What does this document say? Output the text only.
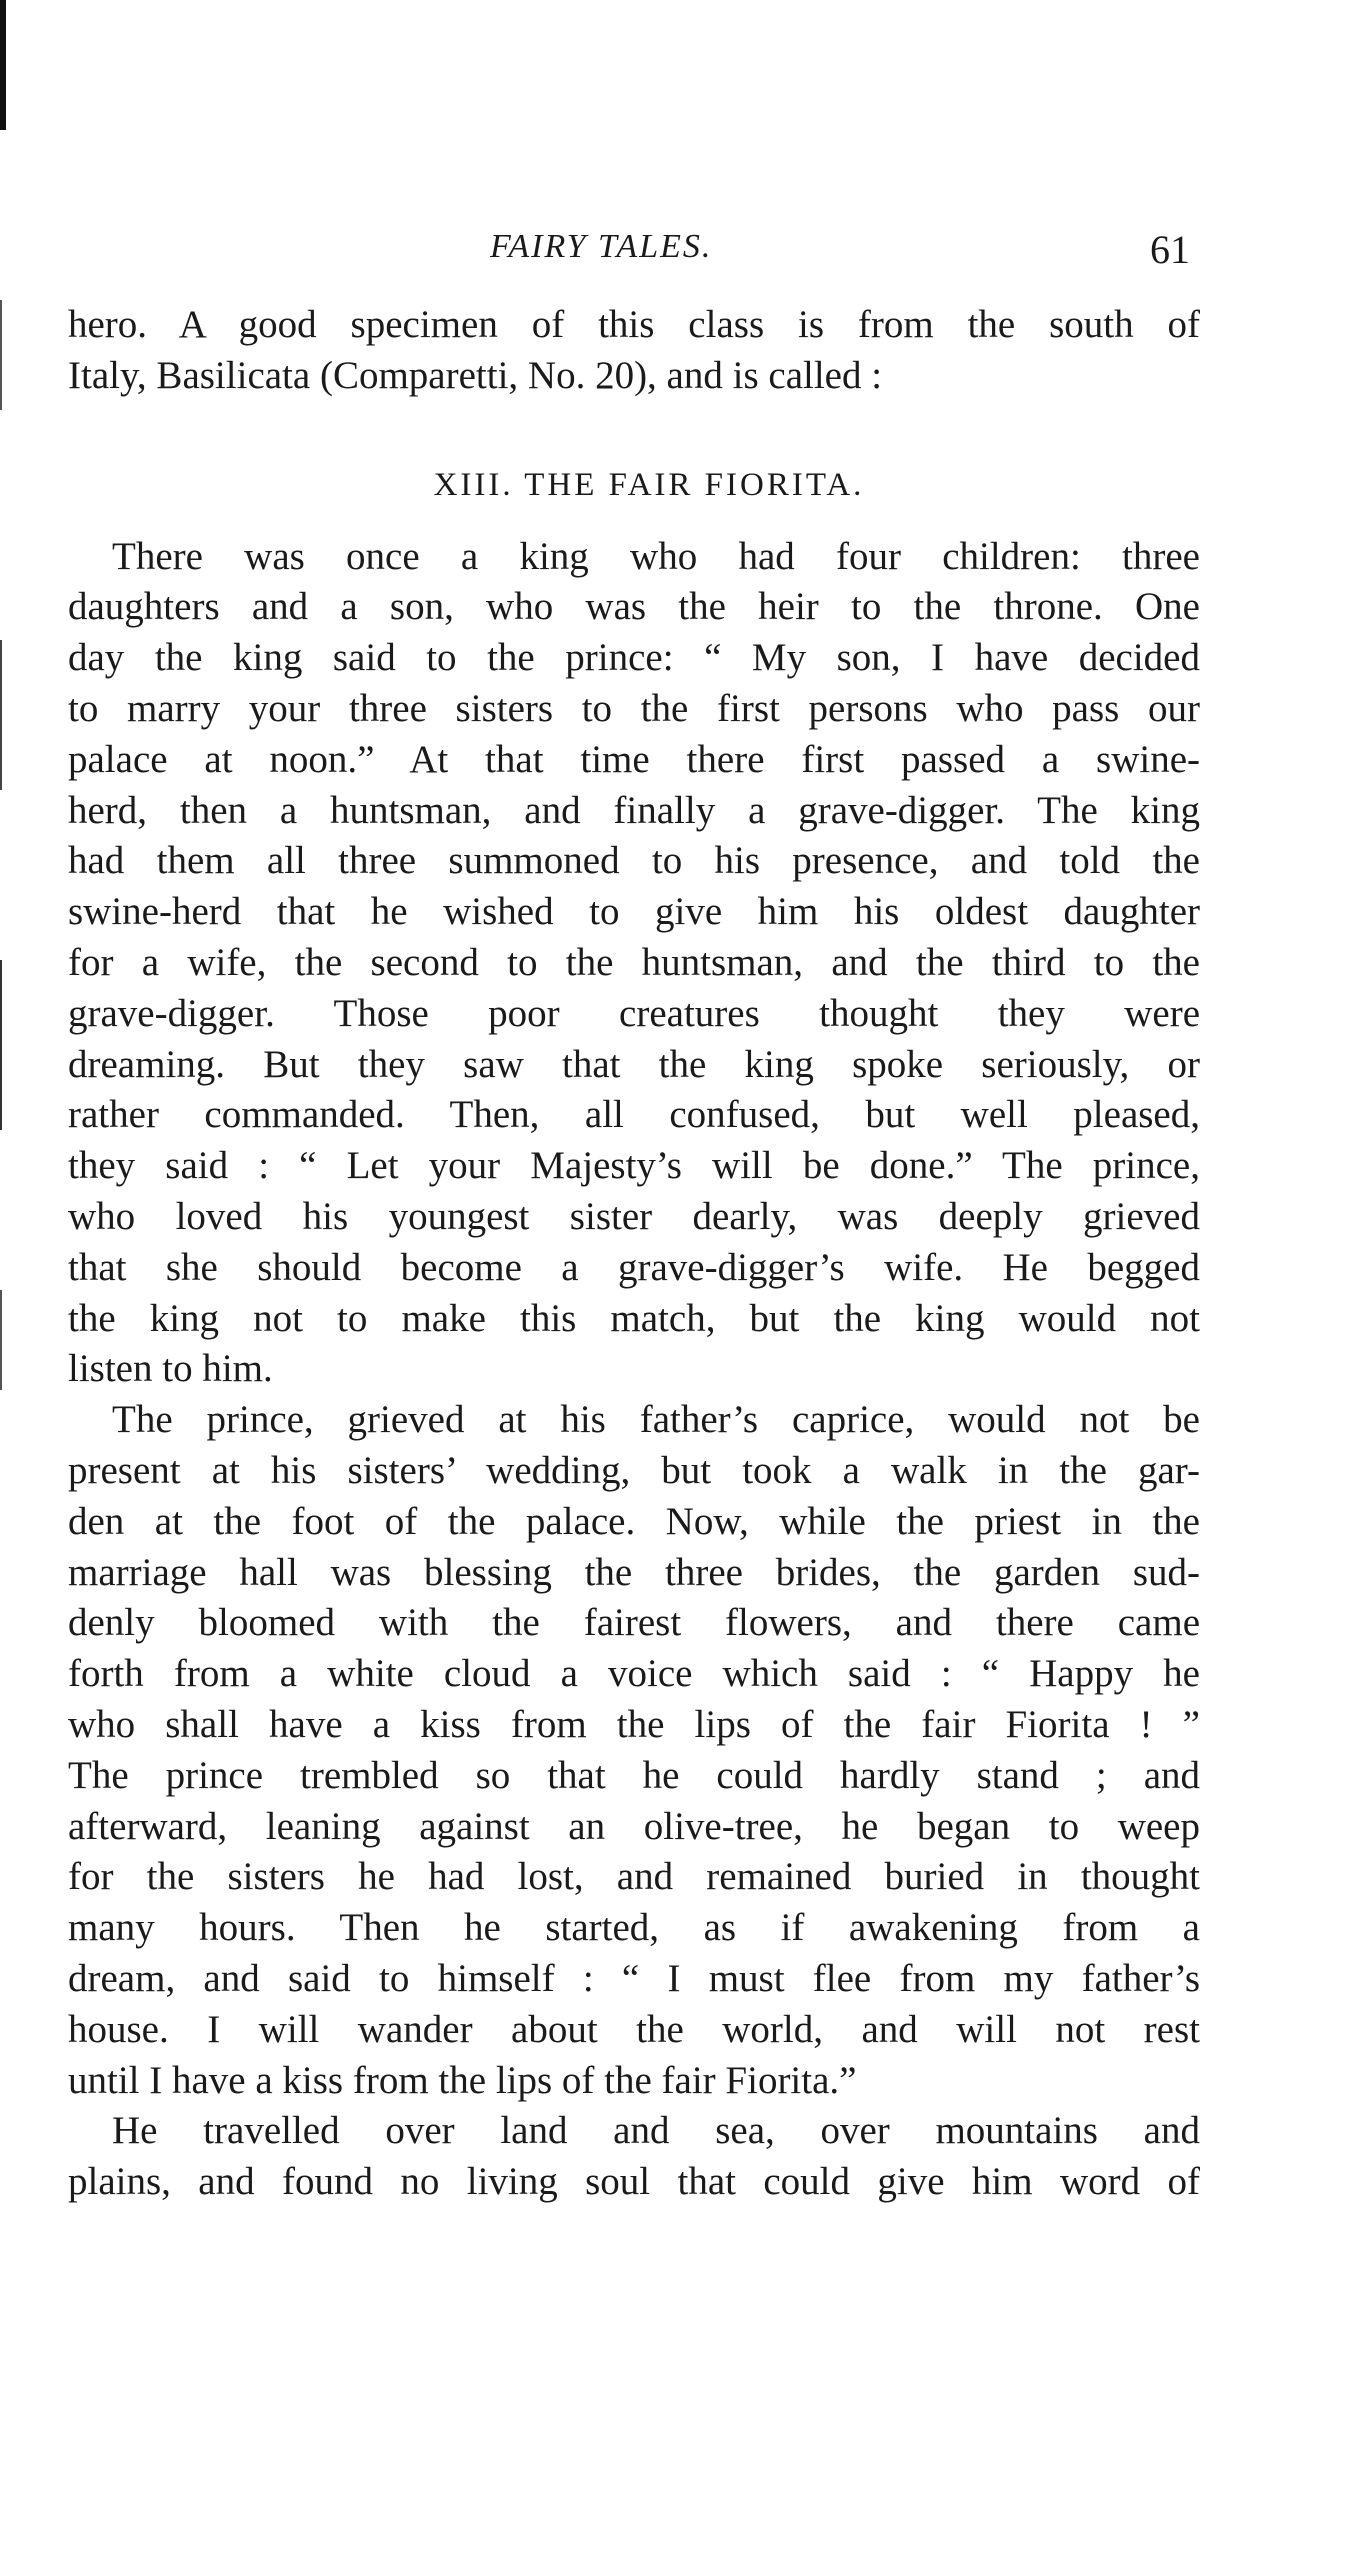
FAIRY TALES.	61
hero. A good specimen of this class is from the south of
Italy, Basilicata (Comparetti, No. 20), and is called :
XIII. THE FAIR FIORITA.
There was once a king who had four children: three
daughters and a son, who was the heir to the throne. One
day the king said to the prince: “ My son, I have decided
to marry your three sisters to the first persons who pass our
palace at noon.” At that time there first passed a swine-
herd, then a huntsman, and finally a grave-digger. The king
had them all three summoned to his presence, and told the
swine-herd that he wished to give him his oldest daughter
for a wife, the second to the huntsman, and the third to the
grave-digger. Those poor creatures thought they were
dreaming. But they saw that the king spoke seriously, or
rather commanded. Then, all confused, but well pleased,
they said : “ Let your Majesty’s will be done.” The prince,
who loved his youngest sister dearly, was deeply grieved
that she should become a grave-digger’s wife. He begged
the king not to make this match, but the king would not
listen to him.
The prince, grieved at his father’s caprice, would not be
present at his sisters’ wedding, but took a walk in the gar-
den at the foot of the palace. Now, while the priest in the
marriage hall was blessing the three brides, the garden sud-
denly bloomed with the fairest flowers, and there came
forth from a white cloud a voice which said : “ Happy he
who shall have a kiss from the lips of the fair Fiorita ! ”
The prince trembled so that he could hardly stand ; and
afterward, leaning against an olive-tree, he began to weep
for the sisters he had lost, and remained buried in thought
many hours. Then he started, as if awakening from a
dream, and said to himself : “ I must flee from my father’s
house. I will wander about the world, and will not rest
until I have a kiss from the lips of the fair Fiorita.”
He travelled over land and sea, over mountains and
plains, and found no living soul that could give him word of
